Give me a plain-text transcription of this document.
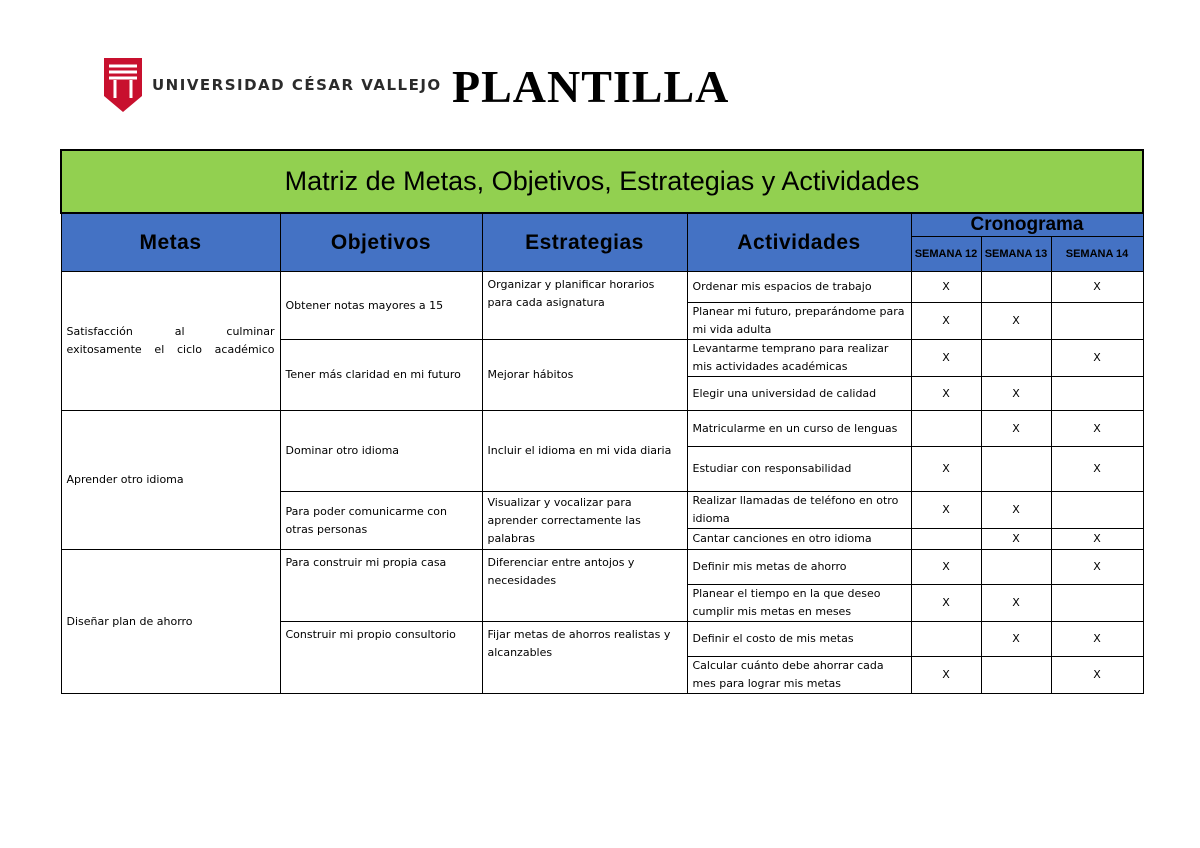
UNIVERSIDAD CÉSAR VALLEJO PLANTILLA
Matriz de Metas, Objetivos, Estrategias y Actividades						
Metas	Objetivos	Estrategias	Actividades	Cronograma		
				SEMANA 12	SEMANA 13	SEMANA 14

Satisfacción al culminar exitosamente el ciclo académico	Obtener notas mayores a 15	Organizar y planificar horarios para cada asignatura	Ordenar mis espacios de trabajo	X		X
			Planear mi futuro, preparándome para mi vida adulta	X	X	
	Tener más claridad en mi futuro	Mejorar hábitos	Levantarme temprano para realizar mis actividades académicas	X		X
			Elegir una universidad de calidad	X	X	
Aprender otro idioma	Dominar otro idioma	Incluir el idioma en mi vida diaria	Matricularme en un curso de lenguas		X	X
			Estudiar con responsabilidad	X		X
	Para poder comunicarme con otras personas	Visualizar y vocalizar para aprender correctamente las palabras	Realizar llamadas de teléfono en otro idioma	X	X	
			Cantar canciones en otro idioma		X	X
Diseñar plan de ahorro	Para construir mi propia casa	Diferenciar entre antojos y necesidades	Definir mis metas de ahorro	X		X
			Planear el tiempo en la que deseo cumplir mis metas en meses	X	X	
	Construir mi propio consultorio	Fijar metas de ahorros realistas y alcanzables	Definir el costo de mis metas		X	X
			Calcular cuánto debe ahorrar cada mes para lograr mis metas	X		X
